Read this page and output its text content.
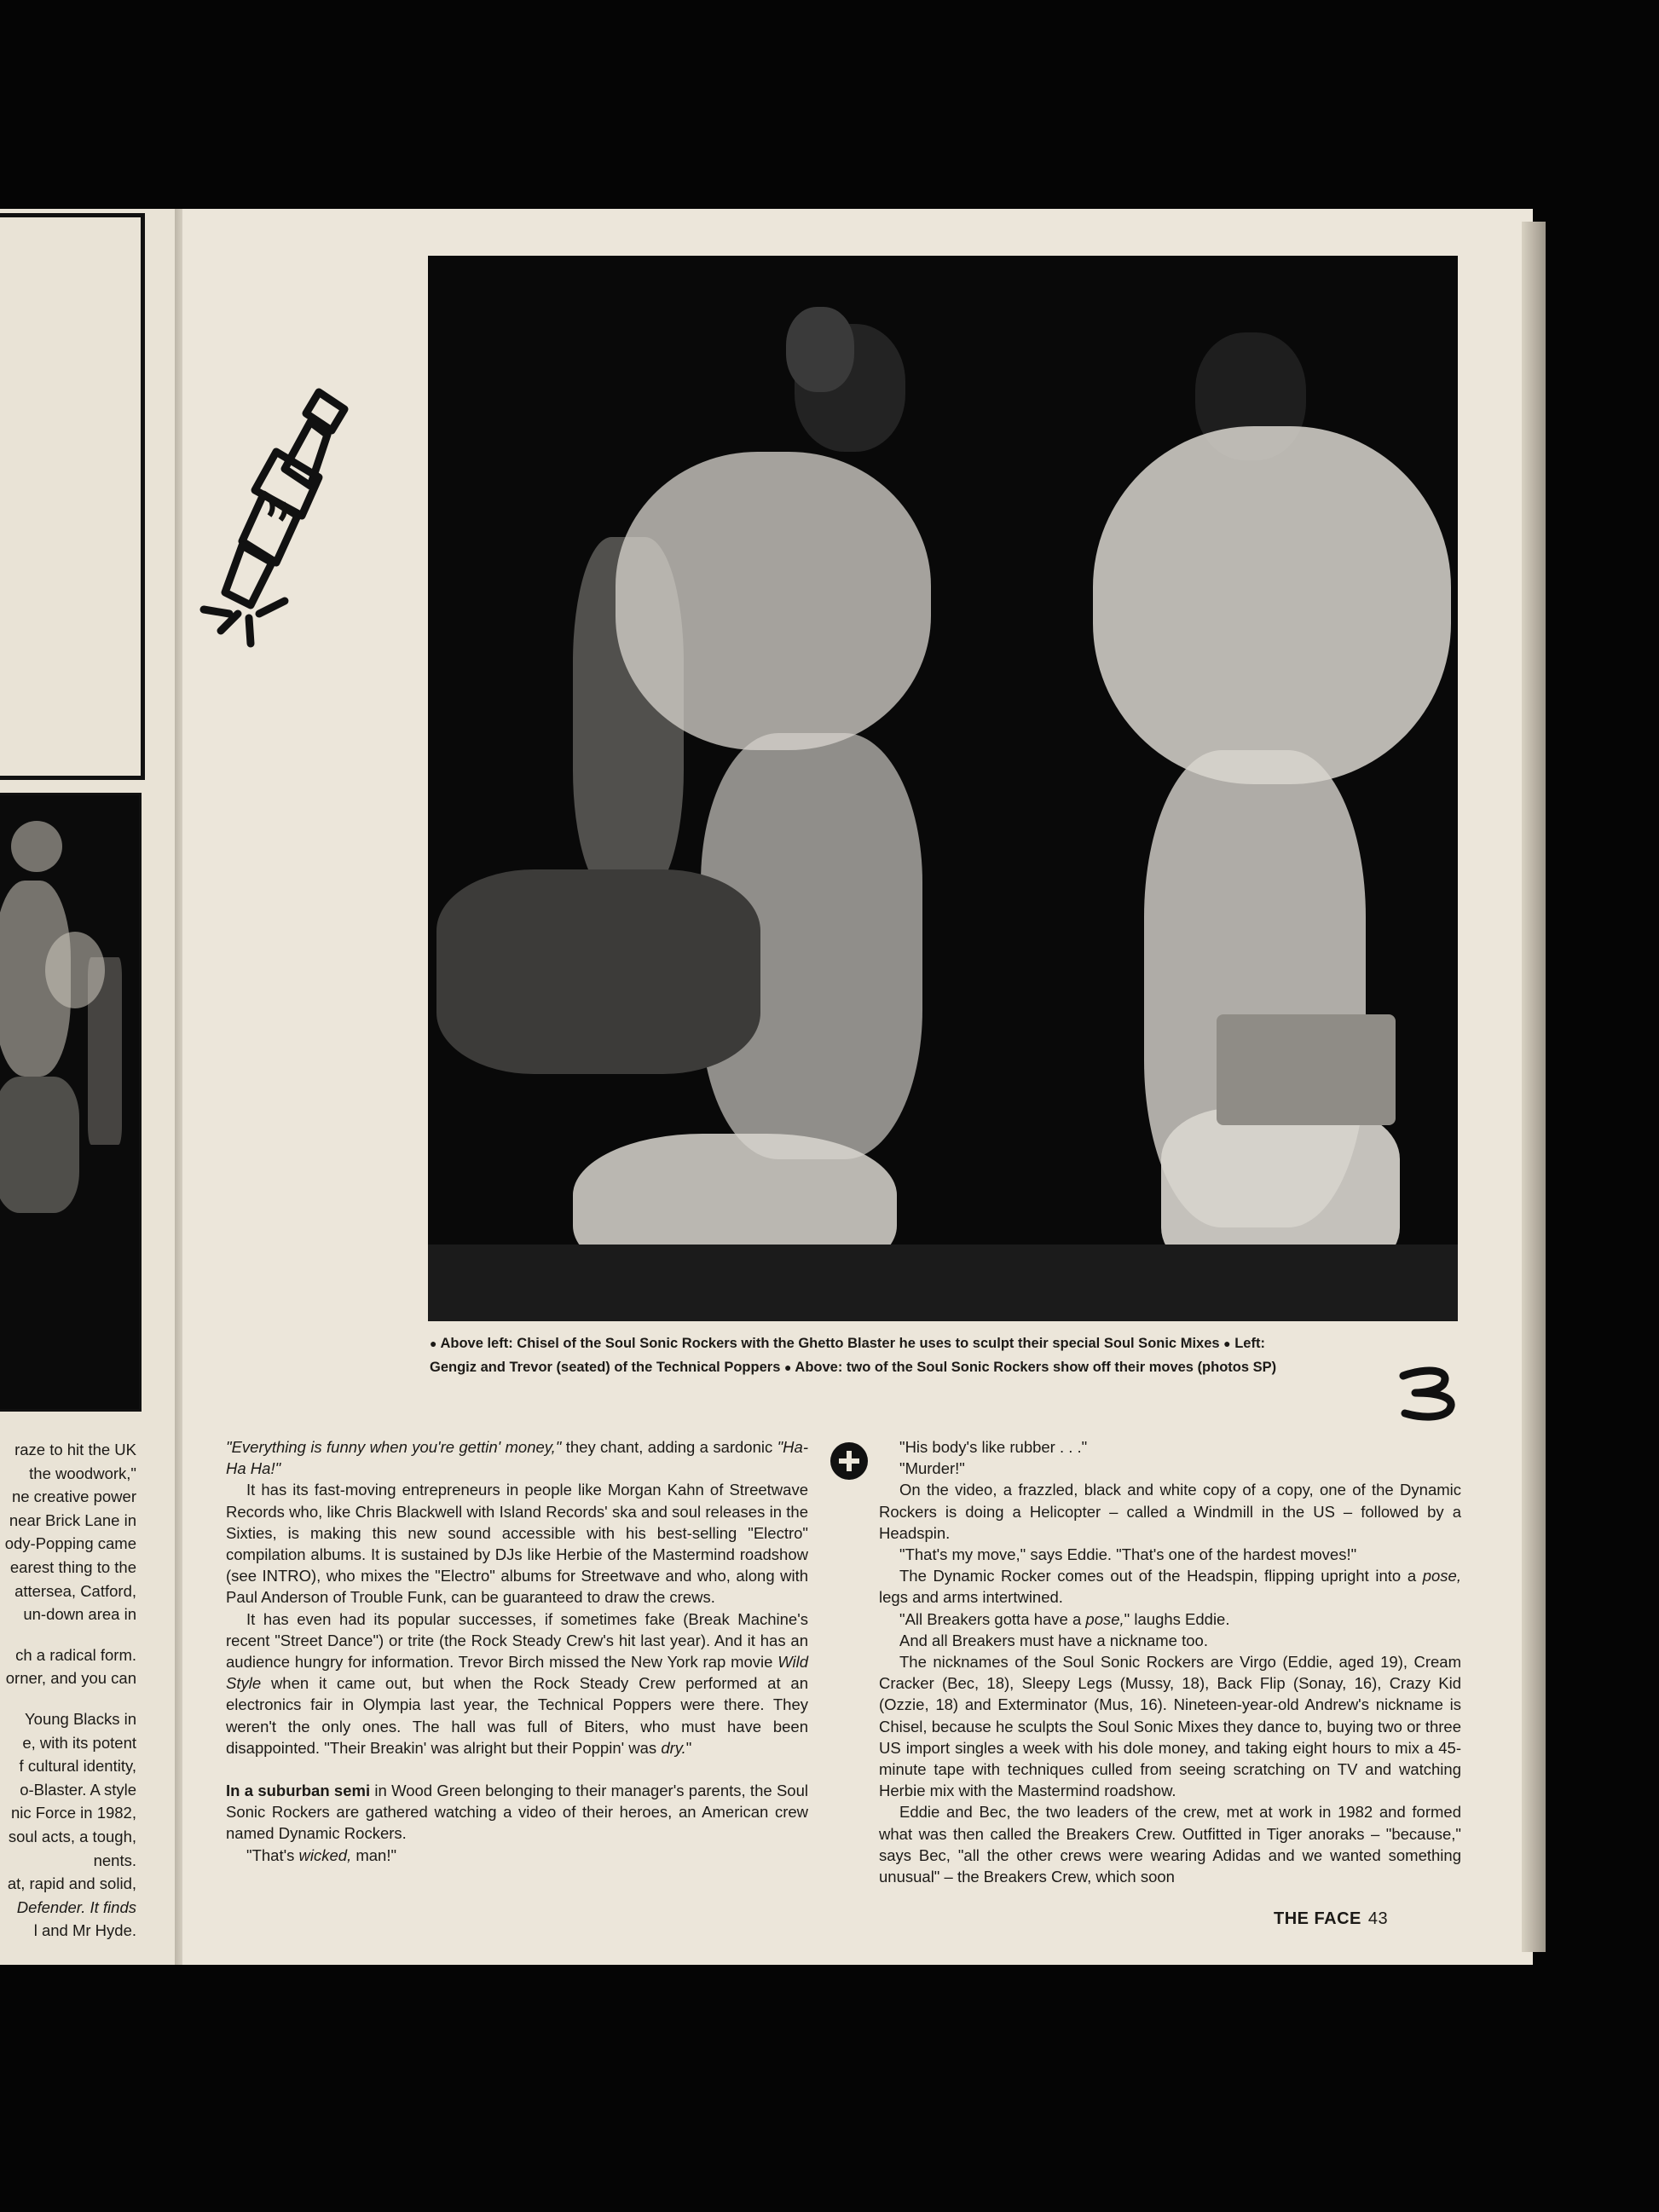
raze to hit the UK

the woodwork,"

ne creative power

near Brick Lane in

ody-Popping came

earest thing to the

attersea, Catford,

un-down area in

ch a radical form.

orner, and you can

Young Blacks in

e, with its potent

f cultural identity,

o-Blaster. A style

nic Force in 1982,

soul acts, a tough,

nents.

at, rapid and solid,

Defender. It finds

l and Mr Hyde.

● Above left: Chisel of the Soul Sonic Rockers with the Ghetto Blaster he uses to sculpt their special Soul Sonic Mixes ● Left:

Gengiz and Trevor (seated) of the Technical Poppers ● Above: two of the Soul Sonic Rockers show off their moves (photos SP)

"Everything is funny when you're gettin' money," they chant, adding a sardonic "Ha-Ha Ha!"

It has its fast-moving entrepreneurs in people like Morgan Kahn of Streetwave Records who, like Chris Blackwell with Island Records' ska and soul releases in the Sixties, is making this new sound accessible with his best-selling "Electro" compilation albums. It is sustained by DJs like Herbie of the Mastermind roadshow (see INTRO), who mixes the "Electro" albums for Streetwave and who, along with Paul Anderson of Trouble Funk, can be guaranteed to draw the crews.

It has even had its popular successes, if sometimes fake (Break Machine's recent "Street Dance") or trite (the Rock Steady Crew's hit last year). And it has an audience hungry for information. Trevor Birch missed the New York rap movie Wild Style when it came out, but when the Rock Steady Crew performed at an electronics fair in Olympia last year, the Technical Poppers were there. They weren't the only ones. The hall was full of Biters, who must have been disappointed. "Their Breakin' was alright but their Poppin' was dry."

In a suburban semi in Wood Green belonging to their manager's parents, the Soul Sonic Rockers are gathered watching a video of their heroes, an American crew named Dynamic Rockers.

"That's wicked, man!"

"His body's like rubber . . ."

"Murder!"

On the video, a frazzled, black and white copy of a copy, one of the Dynamic Rockers is doing a Helicopter – called a Windmill in the US – followed by a Headspin.

"That's my move," says Eddie. "That's one of the hardest moves!"

The Dynamic Rocker comes out of the Headspin, flipping upright into a pose, legs and arms intertwined.

"All Breakers gotta have a pose," laughs Eddie.

And all Breakers must have a nickname too.

The nicknames of the Soul Sonic Rockers are Virgo (Eddie, aged 19), Cream Cracker (Bec, 18), Sleepy Legs (Mussy, 18), Back Flip (Sonay, 16), Crazy Kid (Ozzie, 18) and Exterminator (Mus, 16). Nineteen-year-old Andrew's nickname is Chisel, because he sculpts the Soul Sonic Mixes they dance to, buying two or three US import singles a week with his dole money, and taking eight hours to mix a 45-minute tape with techniques culled from seeing scratching on TV and watching Herbie mix with the Mastermind roadshow.

Eddie and Bec, the two leaders of the crew, met at work in 1982 and formed what was then called the Breakers Crew. Outfitted in Tiger anoraks – "because," says Bec, "all the other crews were wearing Adidas and we wanted something unusual" – the Breakers Crew, which soon

THE FACE 43
